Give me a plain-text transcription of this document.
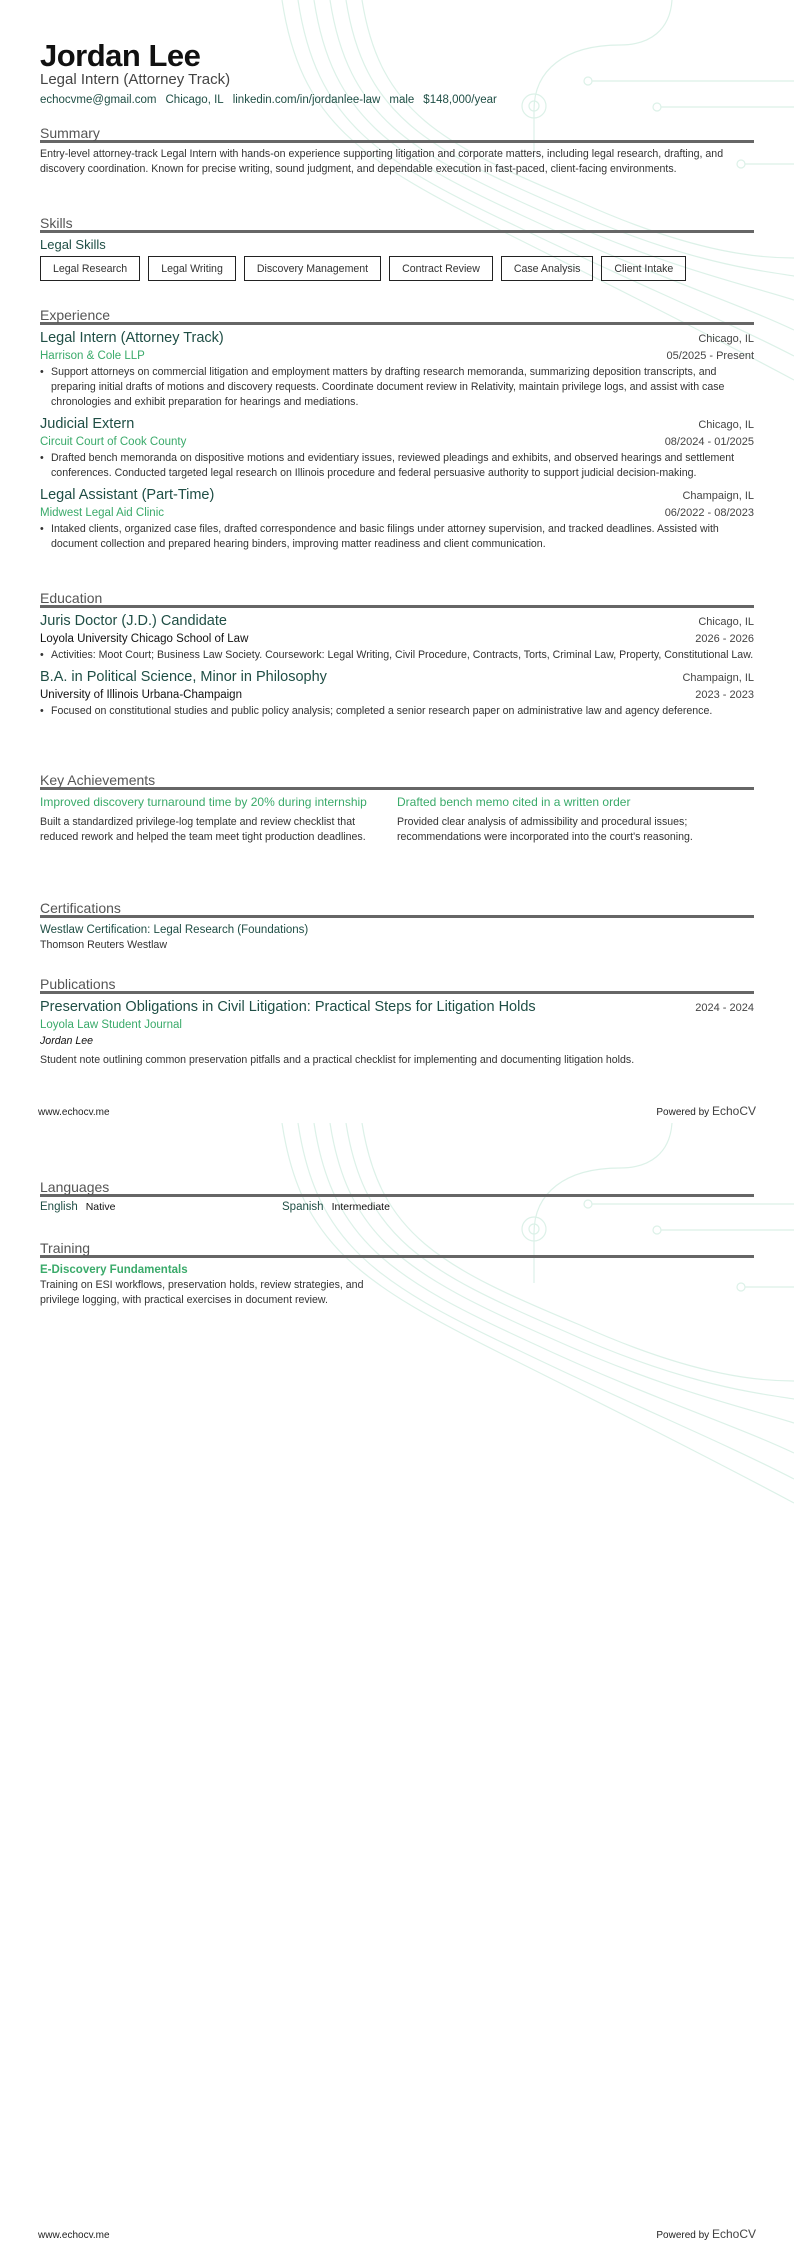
Jordan Lee
Legal Intern (Attorney Track)
echocvme@gmail.com Chicago, IL linkedin.com/in/jordanlee-law male $148,000/year
Summary
Entry-level attorney-track Legal Intern with hands-on experience supporting litigation and corporate matters, including legal research, drafting, and discovery coordination. Known for precise writing, sound judgment, and dependable execution in fast-paced, client-facing environments.
Skills
Legal Skills
Legal Research	Legal Writing	Discovery Management	Contract Review	Case Analysis	Client Intake
Experience
Legal Intern (Attorney Track)	Chicago, IL
Harrison & Cole LLP	05/2025 - Present
• Support attorneys on commercial litigation and employment matters by drafting research memoranda, summarizing deposition transcripts, and preparing initial drafts of motions and discovery requests. Coordinate document review in Relativity, maintain privilege logs, and assist with case chronologies and exhibit preparation for hearings and mediations.
Judicial Extern	Chicago, IL
Circuit Court of Cook County	08/2024 - 01/2025
• Drafted bench memoranda on dispositive motions and evidentiary issues, reviewed pleadings and exhibits, and observed hearings and settlement conferences. Conducted targeted legal research on Illinois procedure and federal persuasive authority to support judicial decision-making.
Legal Assistant (Part-Time)	Champaign, IL
Midwest Legal Aid Clinic	06/2022 - 08/2023
• Intaked clients, organized case files, drafted correspondence and basic filings under attorney supervision, and tracked deadlines. Assisted with document collection and prepared hearing binders, improving matter readiness and client communication.
Education
Juris Doctor (J.D.) Candidate	Chicago, IL
Loyola University Chicago School of Law	2026 - 2026
• Activities: Moot Court; Business Law Society. Coursework: Legal Writing, Civil Procedure, Contracts, Torts, Criminal Law, Property, Constitutional Law.
B.A. in Political Science, Minor in Philosophy	Champaign, IL
University of Illinois Urbana-Champaign	2023 - 2023
• Focused on constitutional studies and public policy analysis; completed a senior research paper on administrative law and agency deference.
Key Achievements
Improved discovery turnaround time by 20% during internship
Built a standardized privilege-log template and review checklist that reduced rework and helped the team meet tight production deadlines.
Drafted bench memo cited in a written order
Provided clear analysis of admissibility and procedural issues; recommendations were incorporated into the court's reasoning.
Certifications
Westlaw Certification: Legal Research (Foundations)
Thomson Reuters Westlaw
Publications
Preservation Obligations in Civil Litigation: Practical Steps for Litigation Holds	2024 - 2024
Loyola Law Student Journal
Jordan Lee
Student note outlining common preservation pitfalls and a practical checklist for implementing and documenting litigation holds.
www.echocv.me	Powered by EchoCV
Languages
English Native	Spanish Intermediate
Training
E-Discovery Fundamentals
Training on ESI workflows, preservation holds, review strategies, and privilege logging, with practical exercises in document review.
www.echocv.me	Powered by EchoCV
